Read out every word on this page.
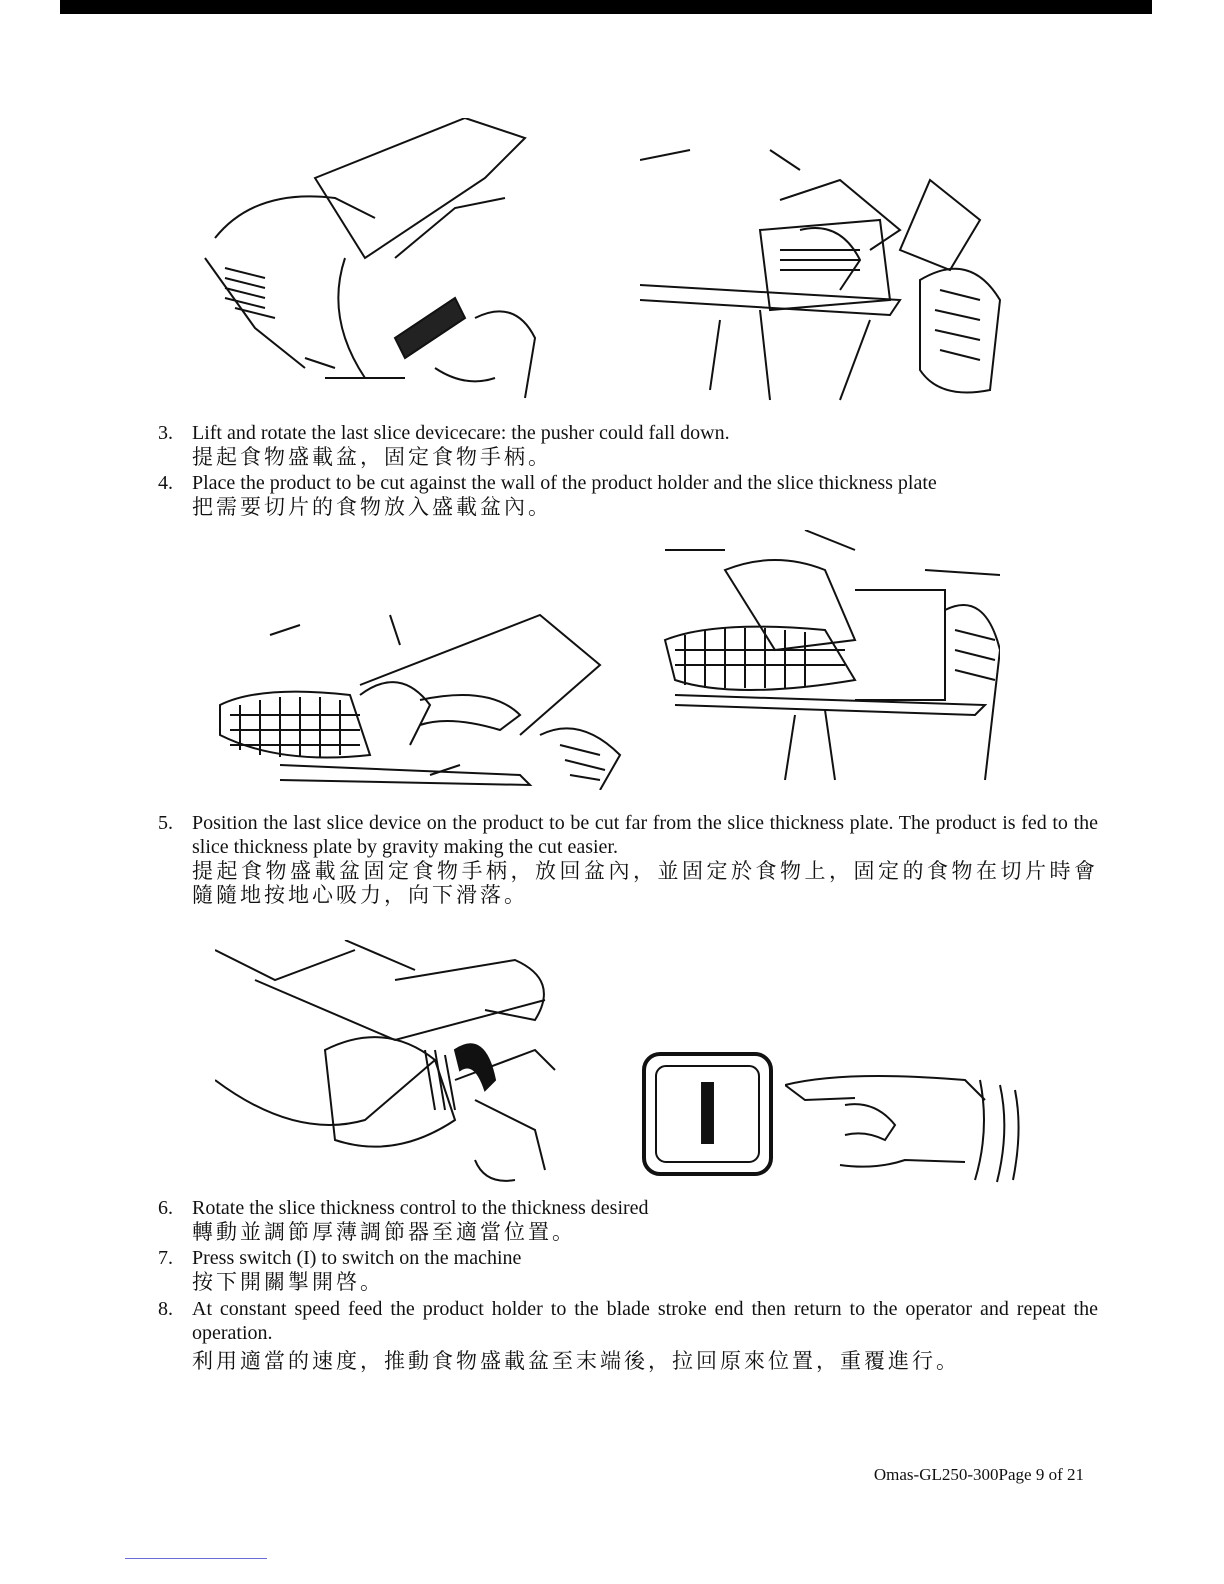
3. Lift and rotate the last slice devicecare: the pusher could fall down.
提起食物盛載盆，固定食物手柄。
4. Place the product to be cut against the wall of the product holder and the slice thickness plate
把需要切片的食物放入盛載盆內。
5. Position the last slice device on the product to be cut far from the slice thickness plate. The product is fed to the slice thickness plate by gravity making the cut easier.
提起食物盛載盆固定食物手柄，放回盆內，並固定於食物上，固定的食物在切片時會隨隨地按地心吸力，向下滑落。
I
6. Rotate the slice thickness control to the thickness desired
轉動並調節厚薄調節器至適當位置。
7. Press switch (I) to switch on the machine
按下開關掣開啓。
8. At constant speed feed the product holder to the blade stroke end then return to the operator and repeat the operation.
利用適當的速度，推動食物盛載盆至末端後，拉回原來位置，重覆進行。
Omas-GL250-300Page 9 of 21
